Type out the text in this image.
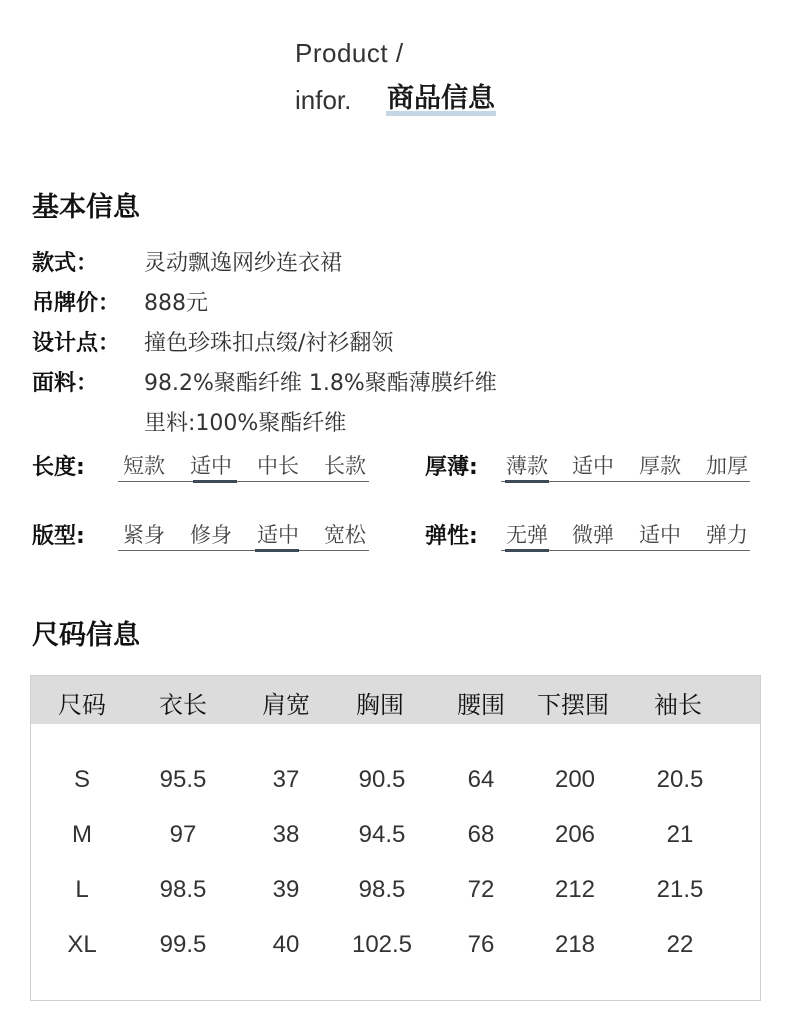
Product /
infor. 商品信息
基本信息
款式： 灵动飘逸网纱连衣裙
吊牌价： 888元
设计点： 撞色珍珠扣点缀/衬衫翻领
面料： 98.2%聚酯纤维 1.8%聚酯薄膜纤维
里料:100%聚酯纤维
长度: 短款 适中 中长 长款	厚薄: 薄款 适中 厚款 加厚
版型: 紧身 修身 适中 宽松	弹性: 无弹 微弹 适中 弹力
尺码信息
尺码	衣长	肩宽	胸围	腰围	下摆围	袖长
S	95.5	37	90.5	64	200	20.5
M	97	38	94.5	68	206	21
L	98.5	39	98.5	72	212	21.5
XL	99.5	40	102.5	76	218	22
